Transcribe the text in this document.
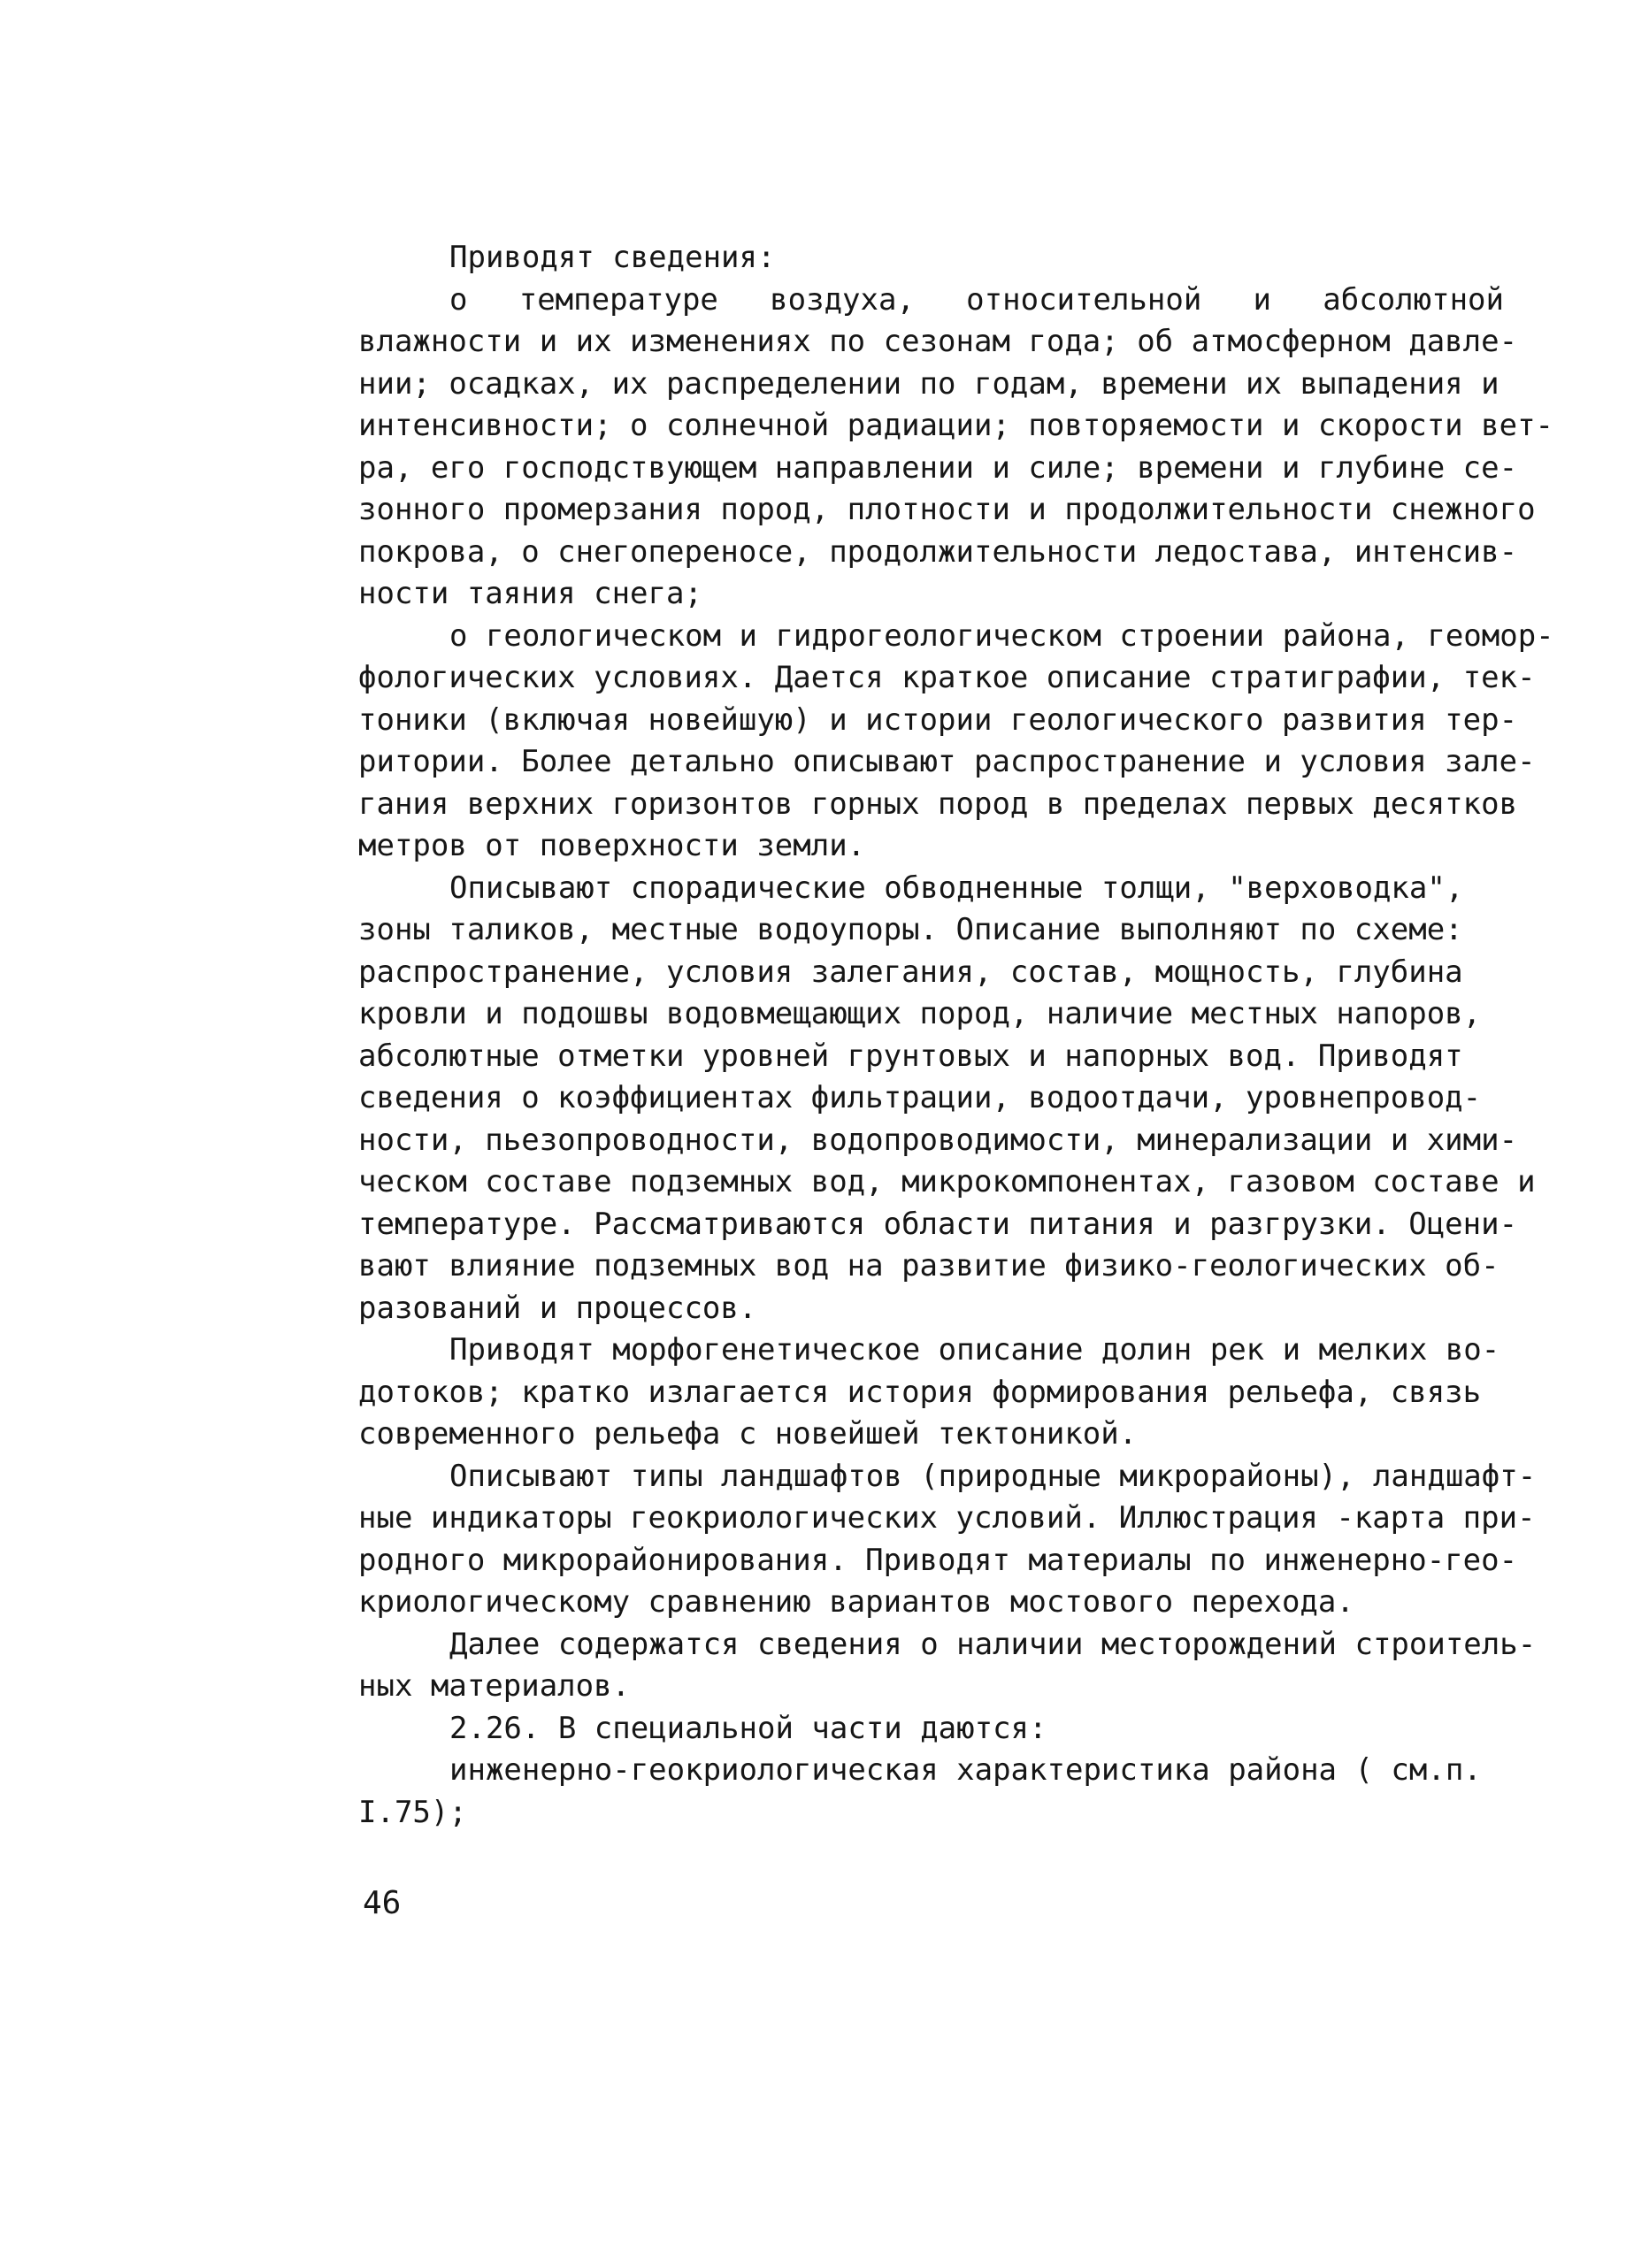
Приводят сведения:
о температуре воздуха, относительной и абсолютной
влажности и их изменениях по сезонам года; об атмосферном давле-
нии; осадках, их распределении по годам, времени их выпадения и
интенсивности; о солнечной радиации; повторяемости и скорости вет-
ра, его господствующем направлении и силе; времени и глубине се-
зонного промерзания пород, плотности и продолжительности снежного
покрова, о снегопереносе, продолжительности ледостава, интенсив-
ности таяния снега;
о геологическом и гидрогеологическом строении района, геомор-
фологических условиях. Дается краткое описание стратиграфии, тек-
тоники (включая новейшую) и истории геологического развития тер-
ритории. Более детально описывают распространение и условия зале-
гания верхних горизонтов горных пород в пределах первых десятков
метров от поверхности земли.
Описывают спорадические обводненные толщи, "верховодка",
зоны таликов, местные водоупоры. Описание выполняют по схеме:
распространение, условия залегания, состав, мощность, глубина
кровли и подошвы водовмещающих пород, наличие местных напоров,
абсолютные отметки уровней грунтовых и напорных вод. Приводят
сведения о коэффициентах фильтрации, водоотдачи, уровнепровод-
ности, пьезопроводности, водопроводимости, минерализации и хими-
ческом составе подземных вод, микрокомпонентах, газовом составе и
температуре. Рассматриваются области питания и разгрузки. Оцени-
вают влияние подземных вод на развитие физико-геологических об-
разований и процессов.
Приводят морфогенетическое описание долин рек и мелких во-
дотоков; кратко излагается история формирования рельефа, связь
современного рельефа с новейшей тектоникой.
Описывают типы ландшафтов (природные микрорайоны), ландшафт-
ные индикаторы геокриологических условий. Иллюстрация -карта при-
родного микрорайонирования. Приводят материалы по инженерно-гео-
криологическому сравнению вариантов мостового перехода.
Далее содержатся сведения о наличии месторождений строитель-
ных материалов.
2.26. В специальной части даются:
инженерно-геокриологическая характеристика района ( см.п.
I.75);
46
